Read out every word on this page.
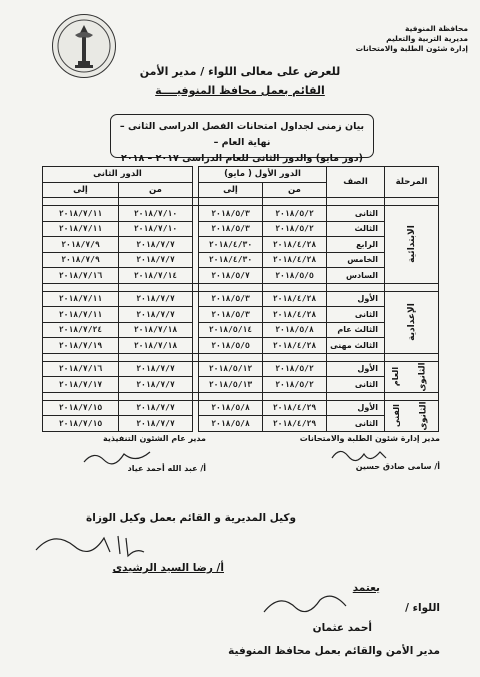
محافظة المنوفية
مديرية التربية والتعليم
إدارة شئون الطلبة والامتحانات
للعرض على معالى اللواء / مدير الأمن
القائم بعمل محافظ المنوفيــــة
بيان زمنى لجداول امتحانات الفصل الدراسى الثانى – نهاية العام –
(دور مايو) والدور الثانى للعام الدراسى ٢٠١٧ – ٢٠١٨
المرحلة	الصف	الدور الأول ( مايو)			الدور الثانى	
		من	إلى		من	إلى

الابتدائية	الثانى	٢٠١٨/٥/٢	٢٠١٨/٥/٣		٢٠١٨/٧/١٠	٢٠١٨/٧/١١
	الثالث	٢٠١٨/٥/٢	٢٠١٨/٥/٣		٢٠١٨/٧/١٠	٢٠١٨/٧/١١
	الرابع	٢٠١٨/٤/٢٨	٢٠١٨/٤/٣٠		٢٠١٨/٧/٧	٢٠١٨/٧/٩
	الخامس	٢٠١٨/٤/٢٨	٢٠١٨/٤/٣٠		٢٠١٨/٧/٧	٢٠١٨/٧/٩
	السادس	٢٠١٨/٥/٥	٢٠١٨/٥/٧		٢٠١٨/٧/١٤	٢٠١٨/٧/١٦

الإعدادية	الأول	٢٠١٨/٤/٢٨	٢٠١٨/٥/٣		٢٠١٨/٧/٧	٢٠١٨/٧/١١
	الثانى	٢٠١٨/٤/٢٨	٢٠١٨/٥/٣		٢٠١٨/٧/٧	٢٠١٨/٧/١١
	الثالث عام	٢٠١٨/٥/٨	٢٠١٨/٥/١٤		٢٠١٨/٧/١٨	٢٠١٨/٧/٢٤
	الثالث مهنى	٢٠١٨/٤/٢٨	٢٠١٨/٥/٥		٢٠١٨/٧/١٨	٢٠١٨/٧/١٩

الثانوى
العام	الأول	٢٠١٨/٥/٢	٢٠١٨/٥/١٢		٢٠١٨/٧/٧	٢٠١٨/٧/١٦
	الثانى	٢٠١٨/٥/٢	٢٠١٨/٥/١٣		٢٠١٨/٧/٧	٢٠١٨/٧/١٧

الثانوى
الفنى	الأول	٢٠١٨/٤/٢٩	٢٠١٨/٥/٨		٢٠١٨/٧/٧	٢٠١٨/٧/١٥
	الثانى	٢٠١٨/٤/٢٩	٢٠١٨/٥/٨		٢٠١٨/٧/٧	٢٠١٨/٧/١٥
مدير إدارة شئون الطلبة والامتحانات
أ/ سامى صادق حسين
مدير عام الشئون التنفيذية
أ/ عبد الله أحمد عياد
وكيل المديرية و القائم بعمل وكيل الوزاة
أ/ رضا السيد الرشيدى
يعتمد
اللواء /
أحمد عثمان
مدير الأمن والقائم بعمل محافظ المنوفية
